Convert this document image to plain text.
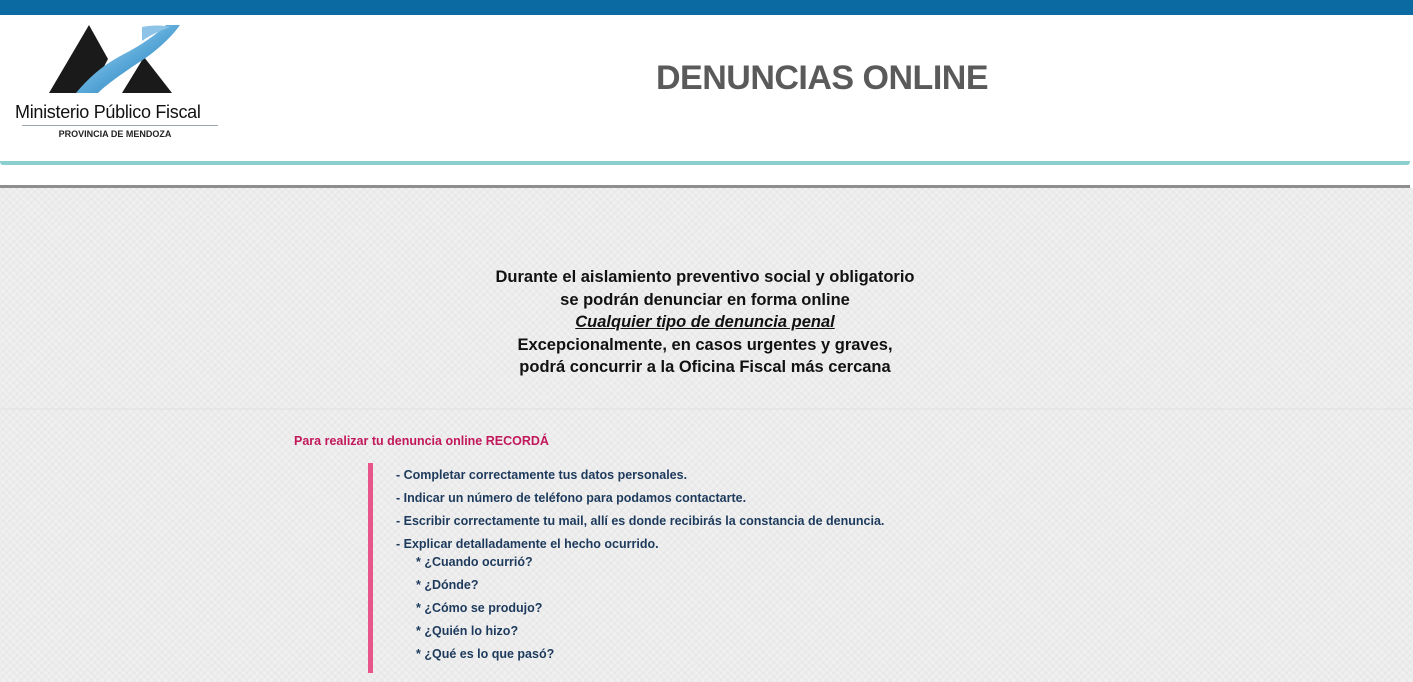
Ministerio Público Fiscal
PROVINCIA DE MENDOZA
DENUNCIAS ONLINE
Durante el aislamiento preventivo social y obligatorio
se podrán denunciar en forma online
Cualquier tipo de denuncia penal
Excepcionalmente, en casos urgentes y graves,
podrá concurrir a la Oficina Fiscal más cercana
Para realizar tu denuncia online RECORDÁ
- Completar correctamente tus datos personales.
- Indicar un número de teléfono para podamos contactarte.
- Escribir correctamente tu mail, allí es donde recibirás la constancia de denuncia.
- Explicar detalladamente el hecho ocurrido.
* ¿Cuando ocurrió?
* ¿Dónde?
* ¿Cómo se produjo?
* ¿Quién lo hizo?
* ¿Qué es lo que pasó?
